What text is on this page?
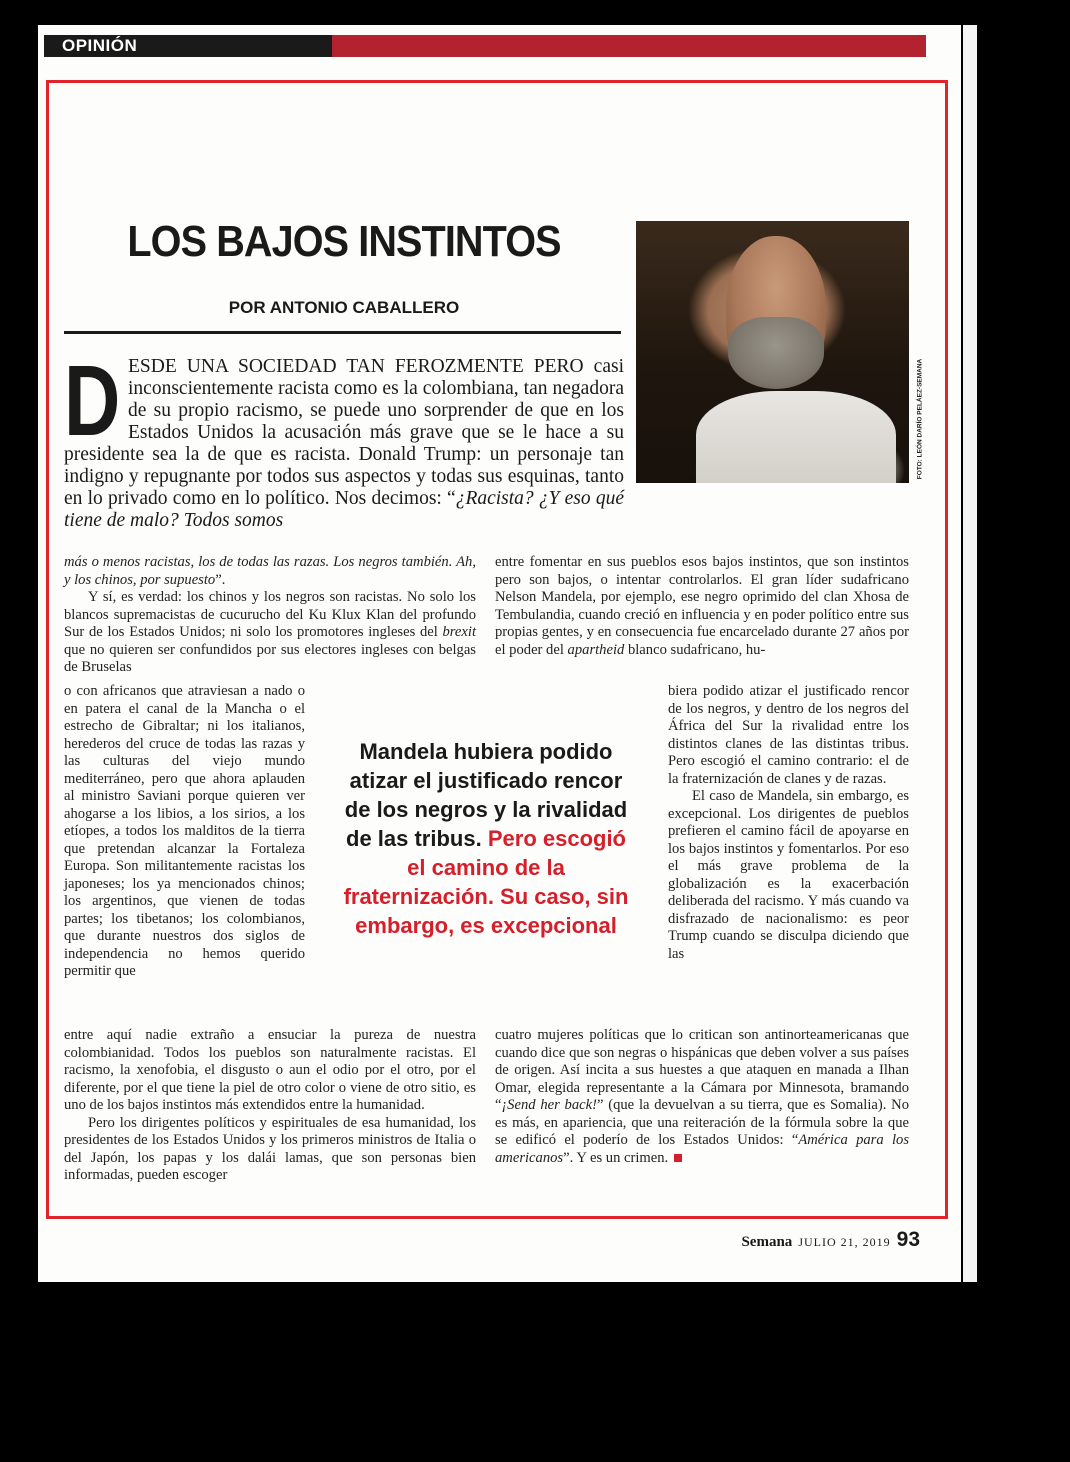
OPINIÓN
LOS BAJOS INSTINTOS
POR ANTONIO CABALLERO
D ESDE UNA SOCIEDAD TAN FEROZMENTE PERO casi inconscientemente racista como es la colombiana, tan negadora de su propio racismo, se puede uno sorprender de que en los Estados Unidos la acusación más grave que se le hace a su presidente sea la de que es racista. Donald Trump: un personaje tan indigno y repugnante por todos sus aspectos y todas sus esquinas, tanto en lo privado como en lo político. Nos decimos: “¿Racista? ¿Y eso qué tiene de malo? Todos somos
FOTO: LEÓN DARÍO PELÁEZ-SEMANA

más o menos racistas, los de todas las razas. Los negros también. Ah, y los chinos, por supuesto”.

Y sí, es verdad: los chinos y los negros son racistas. No solo los blancos supremacistas de cucurucho del Ku Klux Klan del profundo Sur de los Estados Unidos; ni solo los promotores ingleses del brexit que no quieren ser confundidos por sus electores ingleses con belgas de Bruselas

o con africanos que atraviesan a nado o en patera el canal de la Mancha o el estrecho de Gibraltar; ni los italianos, herederos del cruce de todas las razas y las culturas del viejo mundo mediterráneo, pero que ahora aplauden al ministro Saviani porque quieren ver ahogarse a los libios, a los sirios, a los etíopes, a todos los malditos de la tierra que pretendan alcanzar la Fortaleza Europa. Son militantemente racistas los japoneses; los ya mencionados chinos; los argentinos, que vienen de todas partes; los tibetanos; los colombianos, que durante nuestros dos siglos de independencia no hemos querido permitir que

entre aquí nadie extraño a ensuciar la pureza de nuestra colombianidad. Todos los pueblos son naturalmente racistas. El racismo, la xenofobia, el disgusto o aun el odio por el otro, por el diferente, por el que tiene la piel de otro color o viene de otro sitio, es uno de los bajos instintos más extendidos entre la humanidad.

Pero los dirigentes políticos y espirituales de esa humanidad, los presidentes de los Estados Unidos y los primeros ministros de Italia o del Japón, los papas y los dalái lamas, que son personas bien informadas, pueden escoger

entre fomentar en sus pueblos esos bajos instintos, que son instintos pero son bajos, o intentar controlarlos. El gran líder sudafricano Nelson Mandela, por ejemplo, ese negro oprimido del clan Xhosa de Tembulandia, cuando creció en influencia y en poder político entre sus propias gentes, y en consecuencia fue encarcelado durante 27 años por el poder del apartheid blanco sudafricano, hu-

biera podido atizar el justificado rencor de los negros, y dentro de los negros del África del Sur la rivalidad entre los distintos clanes de las distintas tribus. Pero escogió el camino contrario: el de la fraternización de clanes y de razas.

El caso de Mandela, sin embargo, es excepcional. Los dirigentes de pueblos prefieren el camino fácil de apoyarse en los bajos instintos y fomentarlos. Por eso el más grave problema de la globalización es la exacerbación deliberada del racismo. Y más cuando va disfrazado de nacionalismo: es peor Trump cuando se disculpa diciendo que las

cuatro mujeres políticas que lo critican son antinorteamericanas que cuando dice que son negras o hispánicas que deben volver a sus países de origen. Así incita a sus huestes a que ataquen en manada a Ilhan Omar, elegida representante a la Cámara por Minnesota, bramando “¡Send her back!” (que la devuelvan a su tierra, que es Somalia). No es más, en apariencia, que una reiteración de la fórmula sobre la que se edificó el poderío de los Estados Unidos: “América para los americanos”. Y es un crimen.

Mandela hubiera podido atizar el justificado rencor de los negros y la rivalidad de las tribus. Pero escogió el camino de la fraternización. Su caso, sin embargo, es excepcional
Semana JULIO 21, 2019 93
